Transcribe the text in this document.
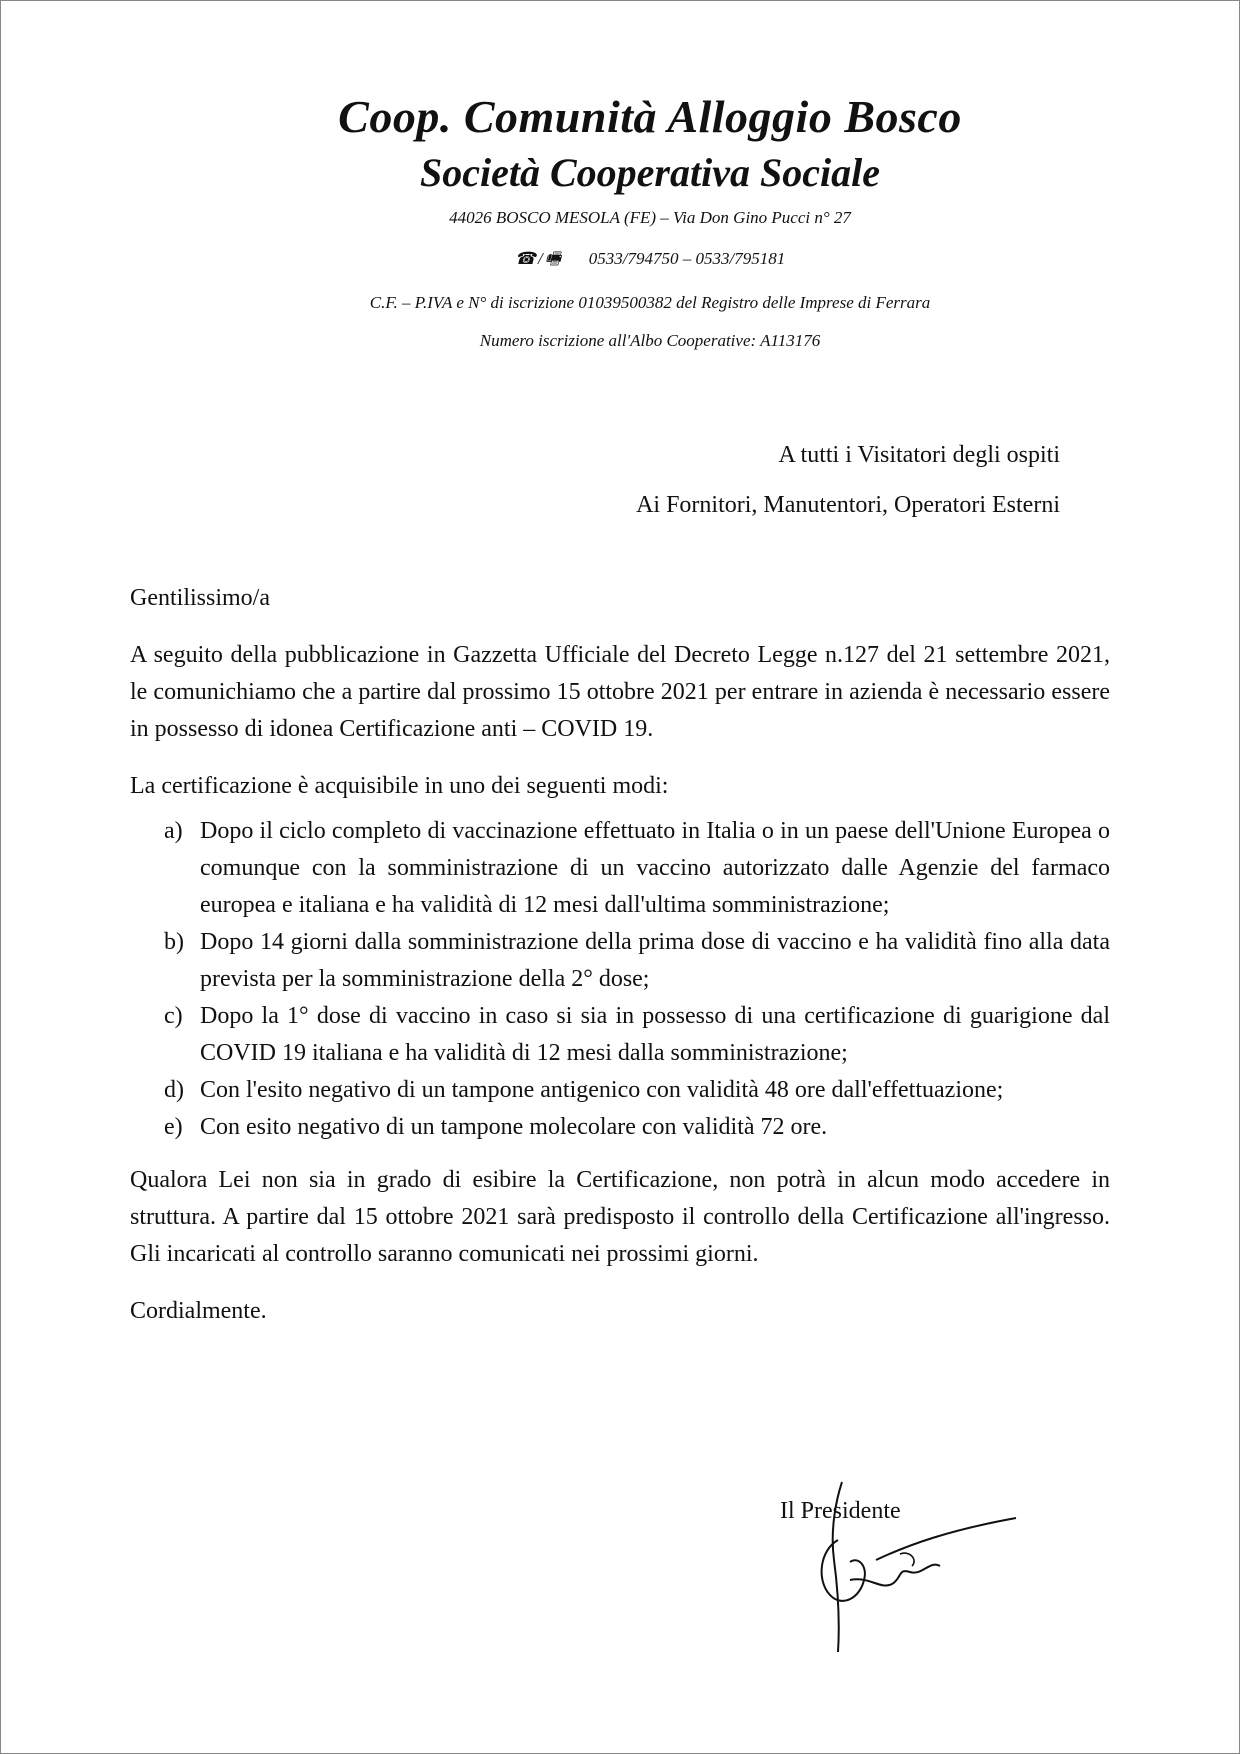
Coop. Comunità Alloggio Bosco
Società Cooperativa Sociale
44026 BOSCO MESOLA (FE) – Via Don Gino Pucci n° 27
☎/🖷 0533/794750 – 0533/795181
C.F. – P.IVA e N° di iscrizione 01039500382 del Registro delle Imprese di Ferrara
Numero iscrizione all'Albo Cooperative: A113176
A tutti i Visitatori degli ospiti
Ai Fornitori, Manutentori, Operatori Esterni

Gentilissimo/a

A seguito della pubblicazione in Gazzetta Ufficiale del Decreto Legge n.127 del 21 settembre 2021, le comunichiamo che a partire dal prossimo 15 ottobre 2021 per entrare in azienda è necessario essere in possesso di idonea Certificazione anti – COVID 19.

La certificazione è acquisibile in uno dei seguenti modi:

a) Dopo il ciclo completo di vaccinazione effettuato in Italia o in un paese dell'Unione Europea o comunque con la somministrazione di un vaccino autorizzato dalle Agenzie del farmaco europea e italiana e ha validità di 12 mesi dall'ultima somministrazione;
b) Dopo 14 giorni dalla somministrazione della prima dose di vaccino e ha validità fino alla data prevista per la somministrazione della 2° dose;
c) Dopo la 1° dose di vaccino in caso si sia in possesso di una certificazione di guarigione dal COVID 19 italiana e ha validità di 12 mesi dalla somministrazione;
d) Con l'esito negativo di un tampone antigenico con validità 48 ore dall'effettuazione;
e) Con esito negativo di un tampone molecolare con validità 72 ore.

Qualora Lei non sia in grado di esibire la Certificazione, non potrà in alcun modo accedere in struttura. A partire dal 15 ottobre 2021 sarà predisposto il controllo della Certificazione all'ingresso. Gli incaricati al controllo saranno comunicati nei prossimi giorni.

Cordialmente.

Il Presidente
